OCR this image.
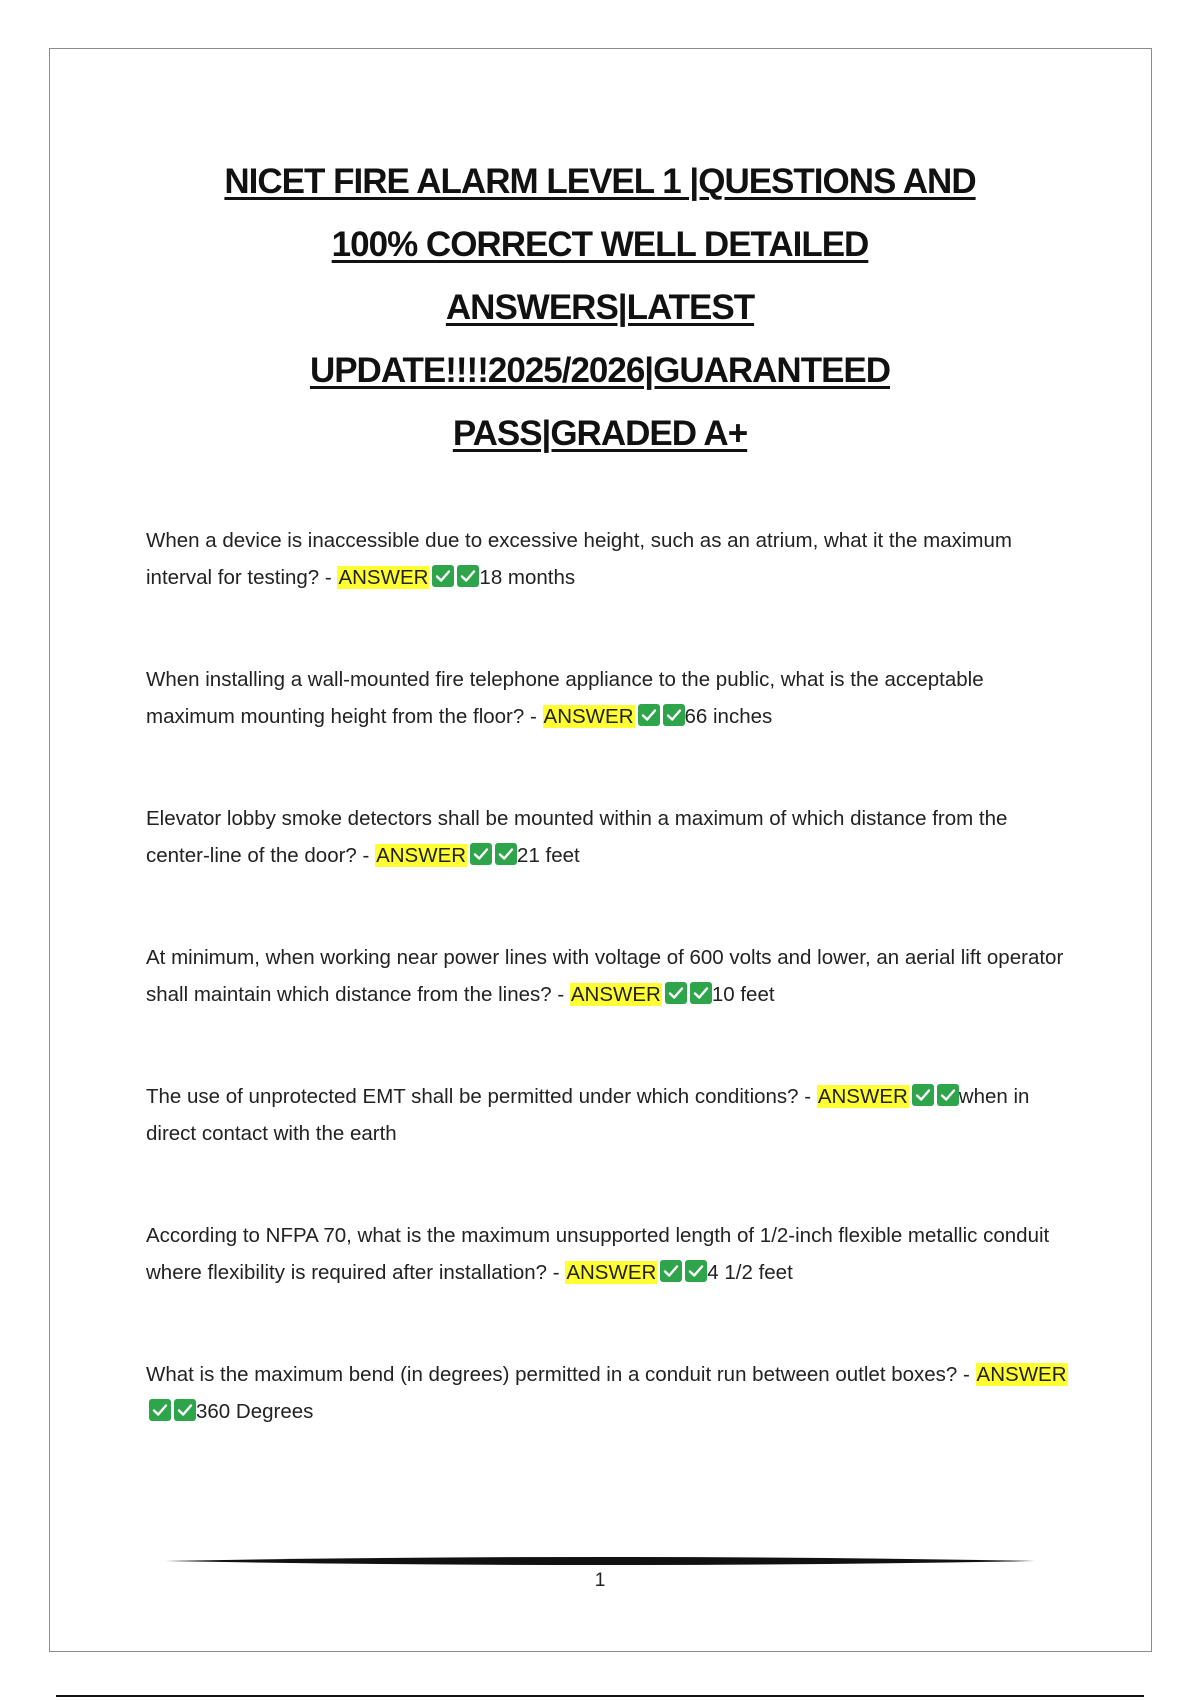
NICET FIRE ALARM LEVEL 1 |QUESTIONS AND
100% CORRECT WELL DETAILED
ANSWERS|LATEST
UPDATE!!!!2025/2026|GUARANTEED
PASS|GRADED A+
When a device is inaccessible due to excessive height, such as an atrium, what it the maximum interval for testing? - ANSWER 18 months
When installing a wall-mounted fire telephone appliance to the public, what is the acceptable maximum mounting height from the floor? - ANSWER 66 inches
Elevator lobby smoke detectors shall be mounted within a maximum of which distance from the center-line of the door? - ANSWER 21 feet
At minimum, when working near power lines with voltage of 600 volts and lower, an aerial lift operator shall maintain which distance from the lines? - ANSWER 10 feet
The use of unprotected EMT shall be permitted under which conditions? - ANSWER when in direct contact with the earth
According to NFPA 70, what is the maximum unsupported length of 1/2-inch flexible metallic conduit where flexibility is required after installation? - ANSWER 4 1/2 feet
What is the maximum bend (in degrees) permitted in a conduit run between outlet boxes? - ANSWER
360 Degrees
1
